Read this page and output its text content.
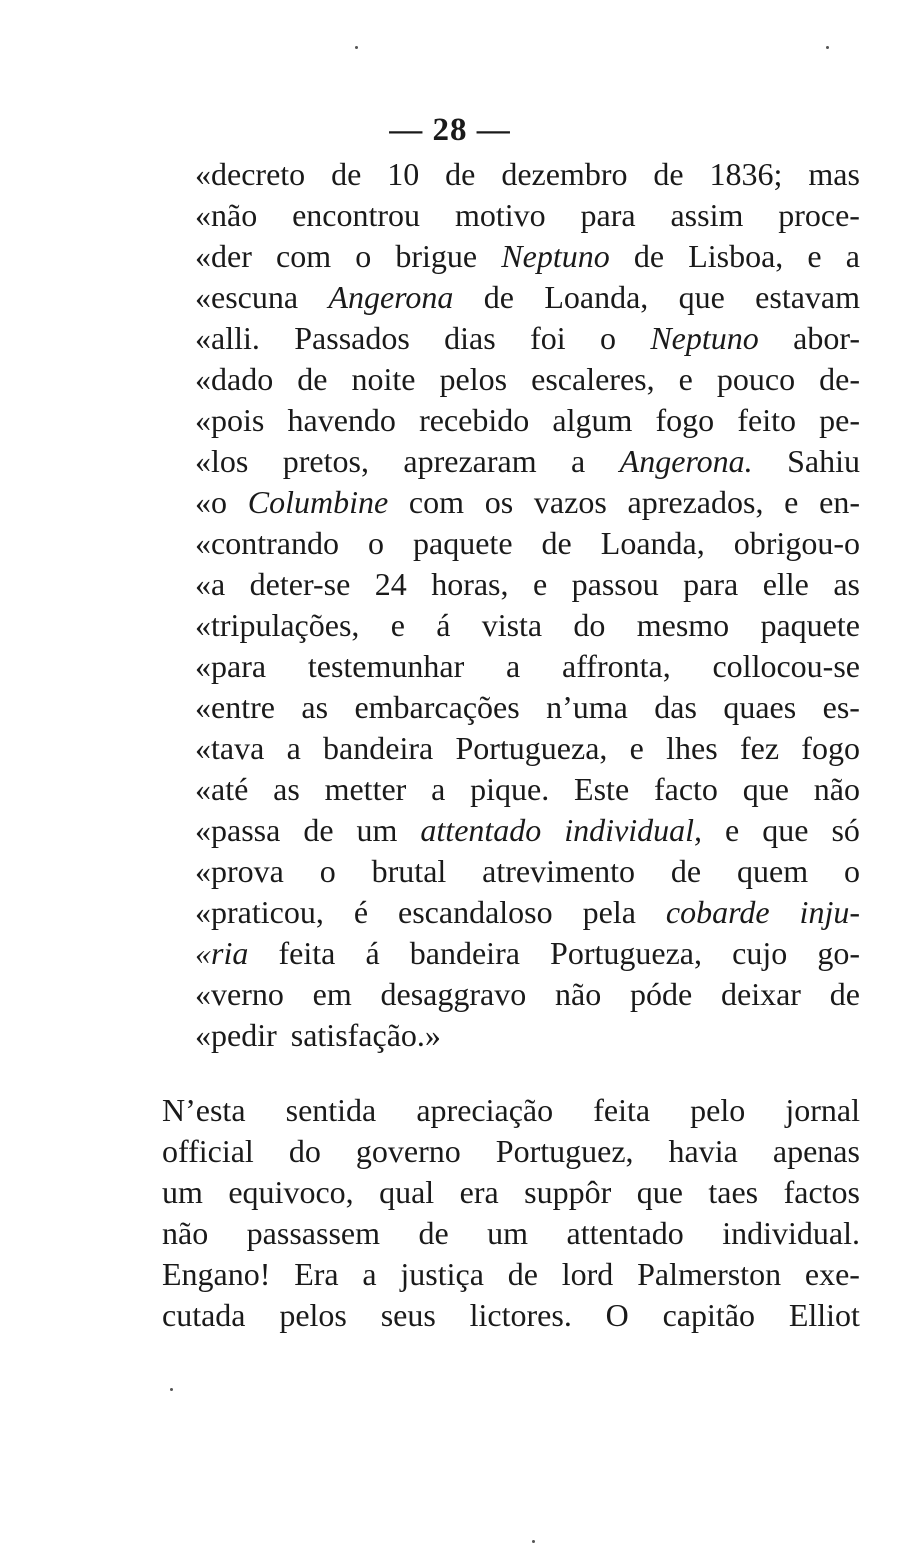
— 28 —
«decreto de 10 de dezembro de 1836; mas
«não encontrou motivo para assim proce-
«der com o brigue Neptuno de Lisboa, e a
«escuna Angerona de Loanda, que estavam
«alli. Passados dias foi o Neptuno abor-
«dado de noite pelos escaleres, e pouco de-
«pois havendo recebido algum fogo feito pe-
«los pretos, aprezaram a Angerona. Sahiu
«o Columbine com os vazos aprezados, e en-
«contrando o paquete de Loanda, obrigou-o
«a deter-se 24 horas, e passou para elle as
«tripulações, e á vista do mesmo paquete
«para testemunhar a affronta, collocou-se
«entre as embarcações n’uma das quaes es-
«tava a bandeira Portugueza, e lhes fez fogo
«até as metter a pique. Este facto que não
«passa de um attentado individual, e que só
«prova o brutal atrevimento de quem o
«praticou, é escandaloso pela cobarde inju-
«ria feita á bandeira Portugueza, cujo go-
«verno em desaggravo não póde deixar de
«pedir satisfação.»
N’esta sentida apreciação feita pelo jornal
official do governo Portuguez, havia apenas
um equivoco, qual era suppôr que taes factos
não passassem de um attentado individual.
Engano! Era a justiça de lord Palmerston exe-
cutada pelos seus lictores. O capitão Elliot
